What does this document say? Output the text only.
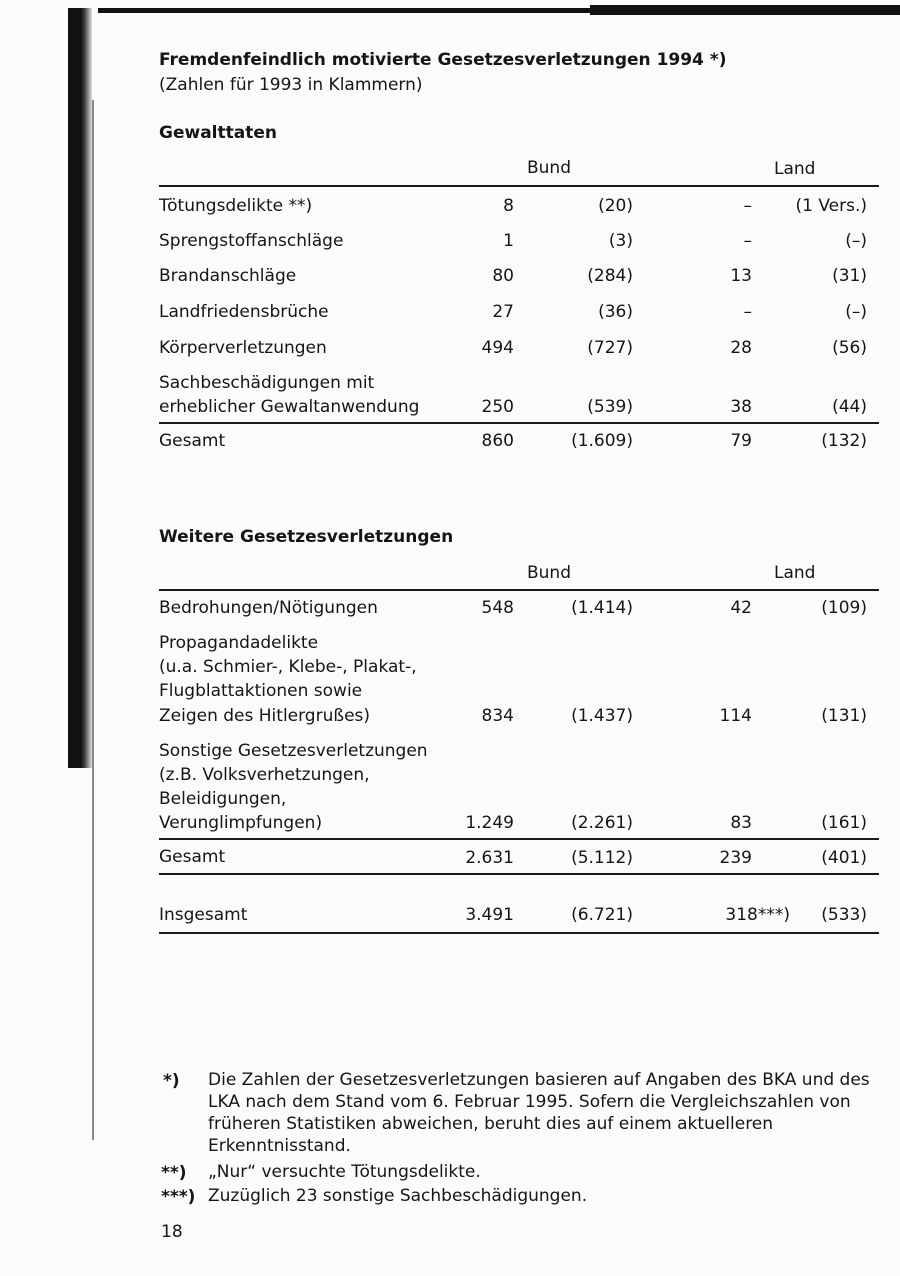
Fremdenfeindlich motivierte Gesetzesverletzungen 1994 *)
(Zahlen für 1993 in Klammern)
Gewalttaten
Bund	Land
Tötungsdelikte **)	8	(20)	–	(1 Vers.)
Sprengstoffanschläge	1	(3)	–	(–)
Brandanschläge	80	(284)	13	(31)
Landfriedensbrüche	27	(36)	–	(–)
Körperverletzungen	494	(727)	28	(56)
Sachbeschädigungen mit
erheblicher Gewaltanwendung	250	(539)	38	(44)
Gesamt	860	(1.609)	79	(132)
Weitere Gesetzesverletzungen
Bund	Land
Bedrohungen/Nötigungen	548	(1.414)	42	(109)
Propagandadelikte
(u.a. Schmier-, Klebe-, Plakat-,
Flugblattaktionen sowie
Zeigen des Hitlergrußes)	834	(1.437)	114	(131)
Sonstige Gesetzesverletzungen
(z.B. Volksverhetzungen,
Beleidigungen,
Verunglimpfungen)	1.249	(2.261)	83	(161)
Gesamt	2.631	(5.112)	239	(401)
Insgesamt	3.491	(6.721)	318***)	(533)
*) Die Zahlen der Gesetzesverletzungen basieren auf Angaben des BKA und des LKA nach dem Stand vom 6. Februar 1995. Sofern die Vergleichszahlen von früheren Statistiken abweichen, beruht dies auf einem aktuelleren Erkenntnisstand.
**) „Nur“ versuchte Tötungsdelikte.
***) Zuzüglich 23 sonstige Sachbeschädigungen.
18
